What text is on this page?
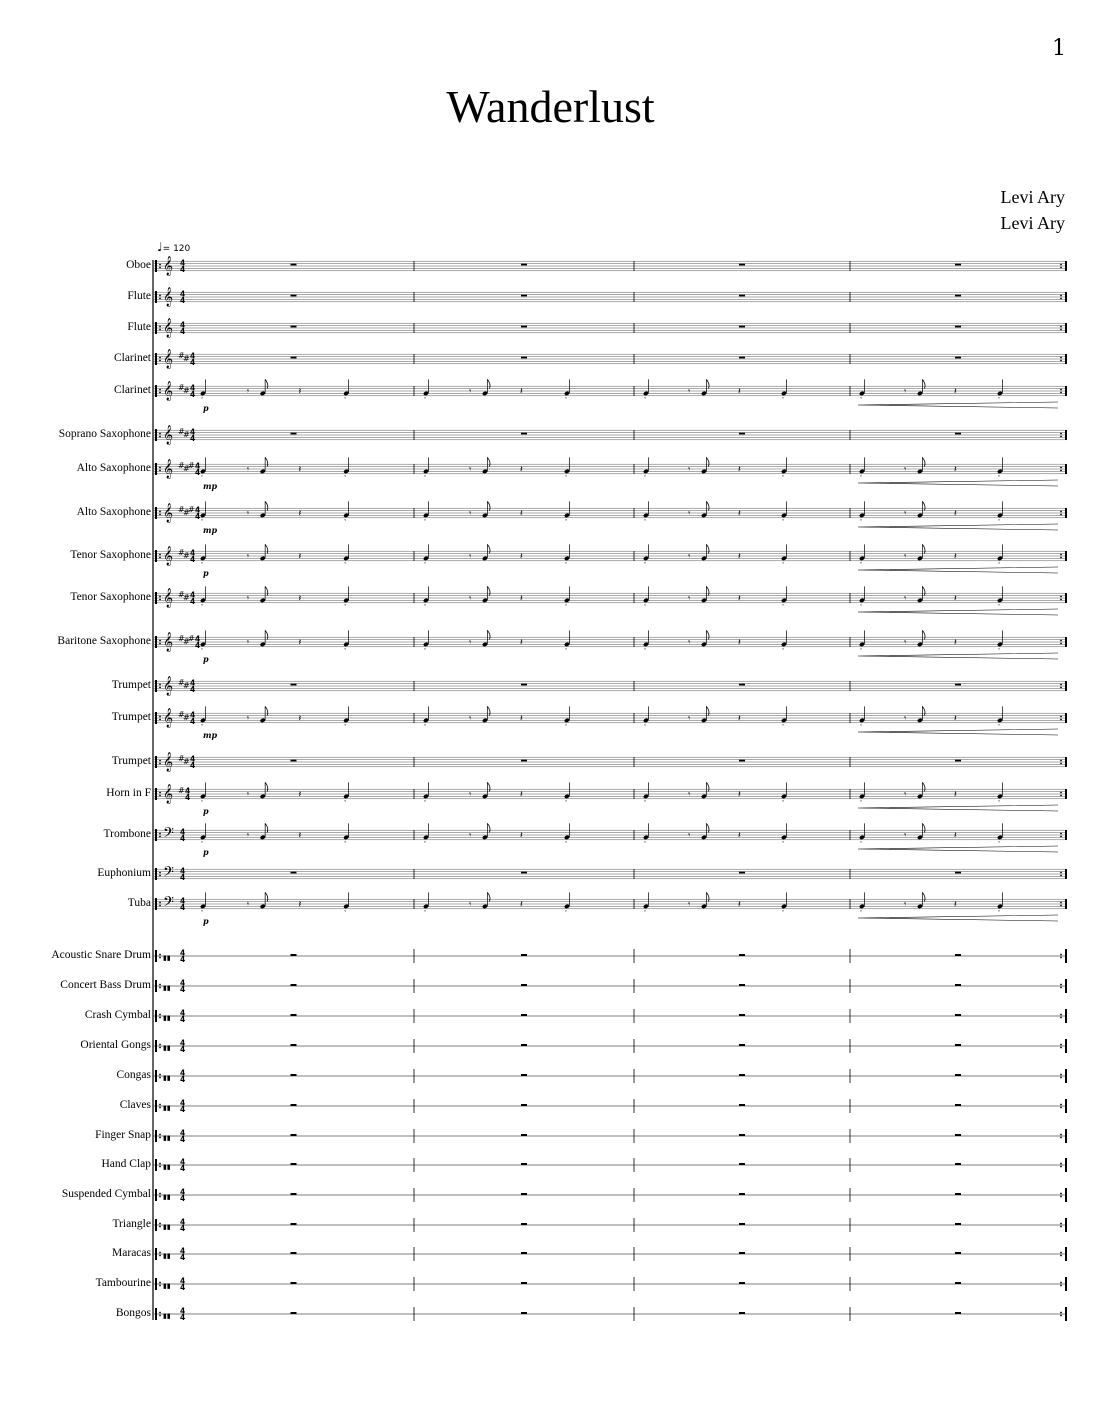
1
Wanderlust
Levi Ary
Levi Ary
♩= 120
Oboe
Flute
Flute
Clarinet
Clarinet
Soprano Saxophone
Alto Saxophone
Alto Saxophone
Tenor Saxophone
Tenor Saxophone
Baritone Saxophone
Trumpet
Trumpet
Trumpet
Horn in F
Trombone
Euphonium
Tuba
Acoustic Snare Drum
Concert Bass Drum
Crash Cymbal
Oriental Gongs
Congas
Claves
Finger Snap
Hand Clap
Suspended Cymbal
Triangle
Maracas
Tambourine
Bongos
𝄞 4
4
𝄞 4
4
𝄞 4
4
𝄞 #
# 4
4
𝄞 #
# 4
4
ˇ
𝄾	𝄽
ˇ	ˇ
𝄾	𝄽
ˇ	ˇ
𝄾	𝄽
ˇ	ˇ
𝄾	𝄽
ˇ
p
𝄞 #
# 4
4
𝄞 #
#
# 4
4
ˇ
𝄾	𝄽
ˇ	ˇ
𝄾	𝄽
ˇ	ˇ
𝄾	𝄽
ˇ	ˇ
𝄾	𝄽
ˇ
mp
𝄞 #
#
# 4
4
ˇ
𝄾	𝄽
ˇ	ˇ
𝄾	𝄽
ˇ	ˇ
𝄾	𝄽
ˇ	ˇ
𝄾	𝄽
ˇ
mp
𝄞 #
# 4
4
ˇ
𝄾	𝄽
ˇ	ˇ
𝄾	𝄽
ˇ	ˇ
𝄾	𝄽
ˇ	ˇ
𝄾	𝄽
ˇ
p
𝄞 #
# 4
4
ˇ
𝄾	𝄽
ˇ	ˇ
𝄾	𝄽
ˇ	ˇ
𝄾	𝄽
ˇ	ˇ
𝄾	𝄽
ˇ
𝄞 #
#
# 4
4
ˇ
𝄾	𝄽
ˇ	ˇ
𝄾	𝄽
ˇ	ˇ
𝄾	𝄽
ˇ	ˇ
𝄾	𝄽
ˇ
p
𝄞 #
# 4
4
𝄞 #
# 4
4
ˇ
𝄾	𝄽
ˇ	ˇ
𝄾	𝄽
ˇ	ˇ
𝄾	𝄽
ˇ	ˇ
𝄾	𝄽
ˇ
mp
𝄞 #
# 4
4
𝄞 # 4
4
ˇ
𝄾	𝄽
ˇ	ˇ
𝄾	𝄽
ˇ	ˇ
𝄾	𝄽
ˇ	ˇ
𝄾	𝄽
ˇ
p
𝄢 4
4
ˇ
𝄾	𝄽
ˇ	ˇ
𝄾	𝄽
ˇ	ˇ
𝄾	𝄽
ˇ	ˇ
𝄾	𝄽
ˇ
p
𝄢 4
4
𝄢 4
4
ˇ
𝄾	𝄽
ˇ	ˇ
𝄾	𝄽
ˇ	ˇ
𝄾	𝄽
ˇ	ˇ
𝄾	𝄽
ˇ
p
▮▮
4
4
▮▮
4
4
▮▮
4
4
▮▮
4
4
▮▮
4
4
▮▮
4
4
▮▮
4
4
▮▮
4
4
▮▮
4
4
▮▮
4
4
▮▮
4
4
▮▮
4
4
▮▮
4
4
